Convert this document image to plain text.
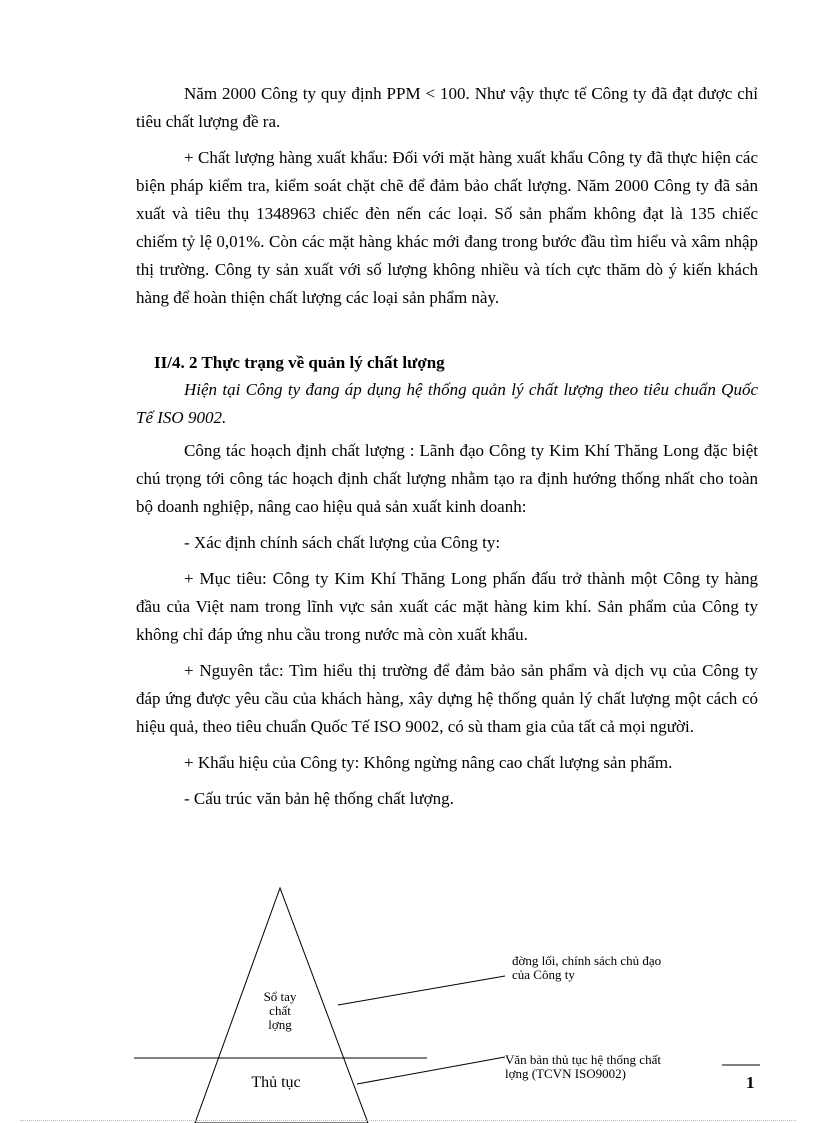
Năm 2000 Công ty quy định PPM < 100. Như vậy thực tế Công ty đã đạt được chỉ tiêu chất lượng đề ra.

+ Chất lượng hàng xuất khẩu: Đối với mặt hàng xuất khẩu Công ty đã thực hiện các biện pháp kiểm tra, kiểm soát chặt chẽ để đảm bảo chất lượng. Năm 2000 Công ty đã sản xuất và tiêu thụ 1348963 chiếc đèn nến các loại. Số sản phẩm không đạt là 135 chiếc chiếm tỷ lệ 0,01%. Còn các mặt hàng khác mới đang trong bước đầu tìm hiểu và xâm nhập thị trường. Công ty sản xuất với số lượng không nhiều và tích cực thăm dò ý kiến khách hàng để hoàn thiện chất lượng các loại sản phẩm này.

II/4. 2 Thực trạng về quản lý chất lượng
Hiện tại Công ty đang áp dụng hệ thống quản lý chất lượng theo tiêu chuẩn Quốc Tế ISO 9002.

Công tác hoạch định chất lượng : Lãnh đạo Công ty Kim Khí Thăng Long đặc biệt chú trọng tới công tác hoạch định chất lượng nhằm tạo ra định hướng thống nhất cho toàn bộ doanh nghiệp, nâng cao hiệu quả sản xuất kinh doanh:

- Xác định chính sách chất lượng của Công ty:

+ Mục tiêu: Công ty Kim Khí Thăng Long phấn đấu trở thành một Công ty hàng đầu của Việt nam trong lĩnh vực sản xuất các mặt hàng kim khí. Sản phẩm của Công ty không chỉ đáp ứng nhu cầu trong nước mà còn xuất khẩu.

+ Nguyên tắc: Tìm hiểu thị trường để đảm bảo sản phẩm và dịch vụ của Công ty đáp ứng được yêu cầu của khách hàng, xây dựng hệ thống quản lý chất lượng một cách có hiệu quả, theo tiêu chuẩn Quốc Tế ISO 9002, có sù tham gia của tất cả mọi người.

+ Khẩu hiệu của Công ty: Không ngừng nâng cao chất lượng sản phẩm.

- Cấu trúc văn bản hệ thống chất lượng.

Sổ tay
chất
lợng
Thủ tục
đờng lối, chính sách chủ đạo
của Công ty
Văn bản thủ tục hệ thống chất
lợng (TCVN ISO9002)	1
